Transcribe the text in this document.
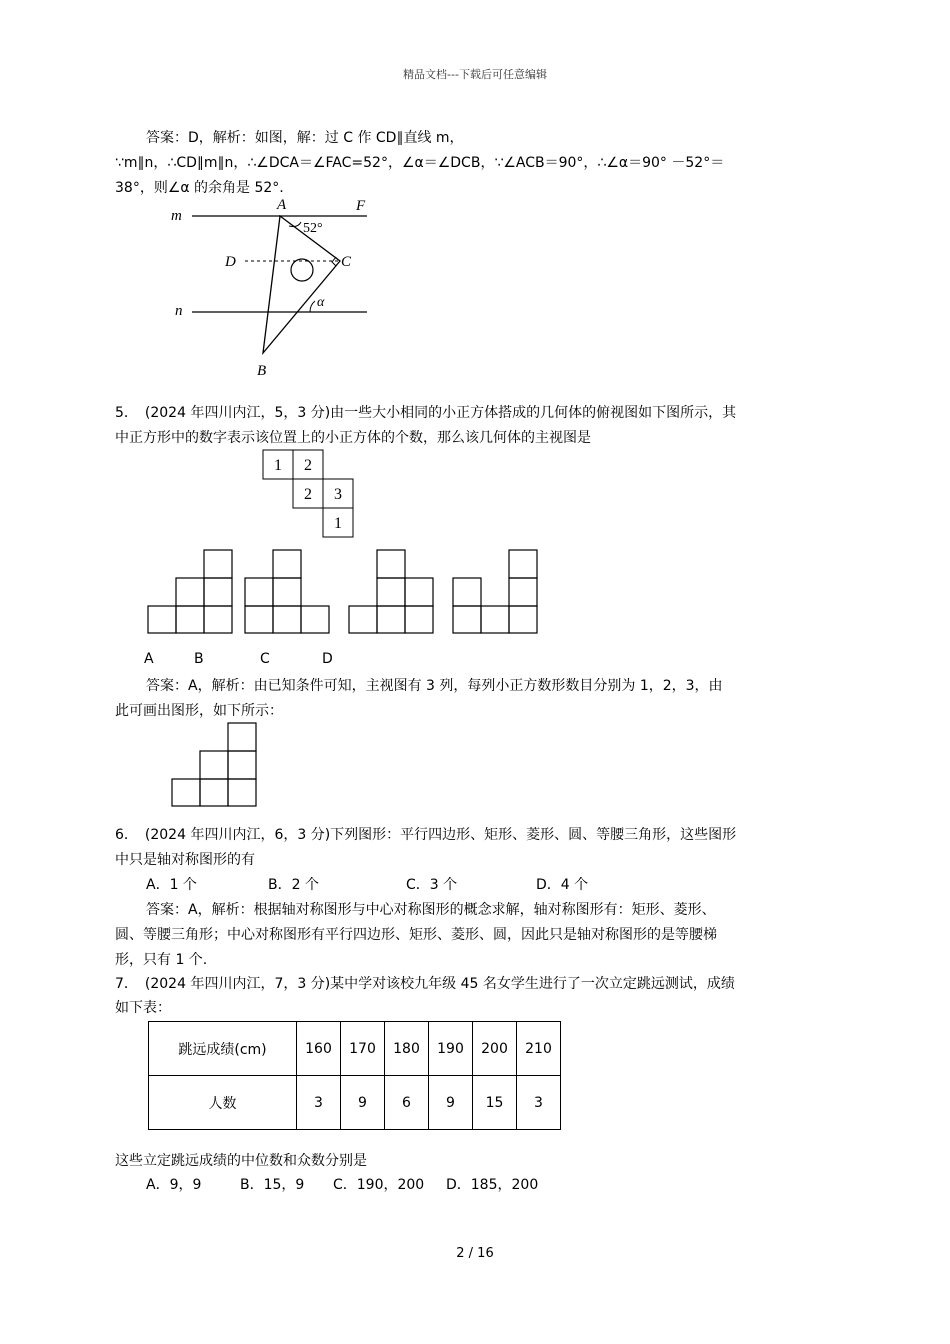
精品文档---下载后可任意编辑
答案：D，解析：如图，解：过 C 作 CD∥直线 m，
∵m∥n，∴CD∥m∥n，∴∠DCA＝∠FAC=52°，∠α＝∠DCB，∵∠ACB＝90°，∴∠α＝90° －52°＝
38°，则∠α 的余角是 52°.
m
n
A	F
D	C
B
52°
α
5．　(2024 年四川内江，5，3 分)由一些大小相同的小正方体搭成的几何体的俯视图如下图所示，其
中正方形中的数字表示该位置上的小正方体的个数，那么该几何体的主视图是
1 2
2 3
1
A	B	C	D
答案：A，解析：由已知条件可知，主视图有 3 列，每列小正方数形数目分别为 1，2，3，由
此可画出图形，如下所示：
6．　(2024 年四川内江，6，3 分)下列图形：平行四边形、矩形、菱形、圆、等腰三角形，这些图形
中只是轴对称图形的有
A．1 个	B．2 个	C．3 个	D．4 个
答案：A，解析：根据轴对称图形与中心对称图形的概念求解，轴对称图形有：矩形、菱形、
圆、等腰三角形；中心对称图形有平行四边形、矩形、菱形、圆，因此只是轴对称图形的是等腰梯
形，只有 1 个.
7．　(2024 年四川内江，7，3 分)某中学对该校九年级 45 名女学生进行了一次立定跳远测试，成绩
如下表：
跳远成绩(cm)	160	170	180	190	200	210
人数	3	9	6	9	15	3
这些立定跳远成绩的中位数和众数分别是
A．9，9	B．15，9 C．190，200 D．185，200
2 / 16
